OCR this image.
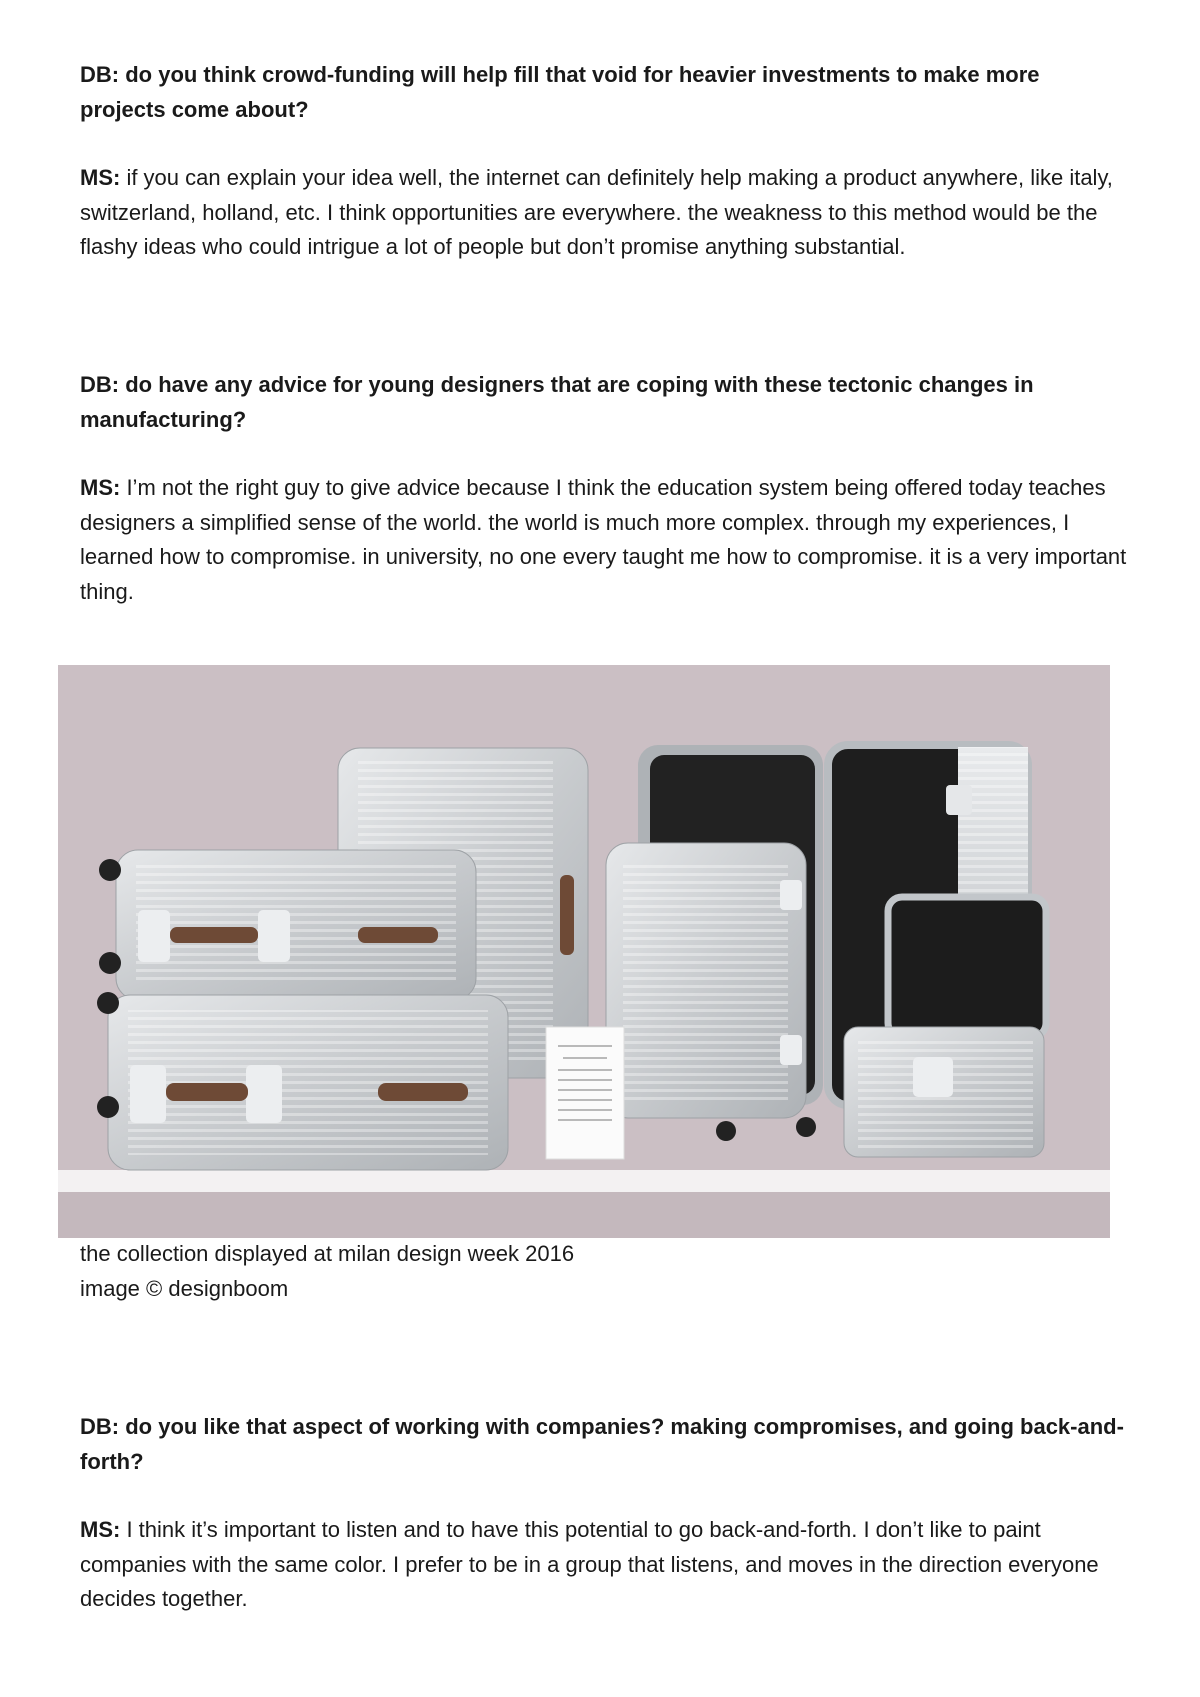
DB: do you think crowd-funding will help fill that void for heavier investments to make more projects come about?

MS: if you can explain your idea well, the internet can definitely help making a product anywhere, like italy, switzerland, holland, etc. I think opportunities are everywhere. the weakness to this method would be the flashy ideas who could intrigue a lot of people but don’t promise anything substantial.

DB: do have any advice for young designers that are coping with these tectonic changes in manufacturing?

MS: I’m not the right guy to give advice because I think the education system being offered today teaches designers a simplified sense of the world. the world is much more complex. through my experiences, I learned how to compromise. in university, no one every taught me how to compromise. it is a very important thing.

the collection displayed at milan design week 2016

image © designboom

DB: do you like that aspect of working with companies? making compromises, and going back-and-forth?

MS: I think it’s important to listen and to have this potential to go back-and-forth. I don’t like to paint companies with the same color. I prefer to be in a group that listens, and moves in the direction everyone decides together.
